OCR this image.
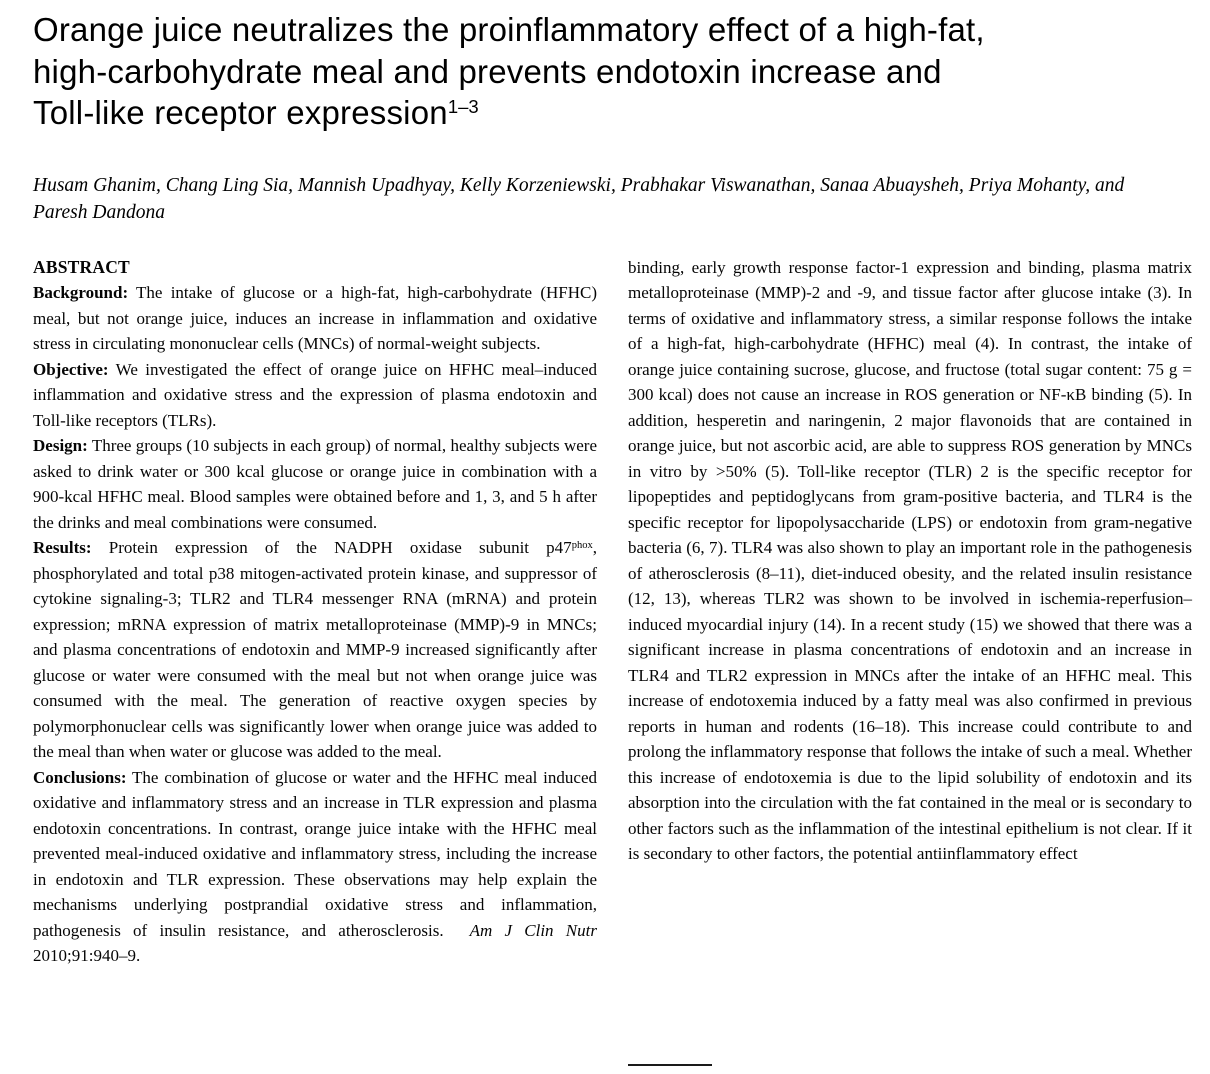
Orange juice neutralizes the proinflammatory effect of a high-fat,
high-carbohydrate meal and prevents endotoxin increase and
Toll-like receptor expression$^{1-3}$

Husam Ghanim, Chang Ling Sia, Mannish Upadhyay, Kelly Korzeniewski, Prabhakar Viswanathan, Sanaa Abuaysheh, Priya Mohanty, and Paresh Dandona

ABSTRACT

Background: The intake of glucose or a high-fat, high-carbohydrate (HFHC) meal, but not orange juice, induces an increase in inflammation and oxidative stress in circulating mononuclear cells (MNCs) of normal-weight subjects.

Objective: We investigated the effect of orange juice on HFHC meal–induced inflammation and oxidative stress and the expression of plasma endotoxin and Toll-like receptors (TLRs).

Design: Three groups (10 subjects in each group) of normal, healthy subjects were asked to drink water or 300 kcal glucose or orange juice in combination with a 900-kcal HFHC meal. Blood samples were obtained before and 1, 3, and 5 h after the drinks and meal combinations were consumed.

Results: Protein expression of the NADPH oxidase subunit $p47^{phox}$, phosphorylated and total p38 mitogen-activated protein kinase, and suppressor of cytokine signaling-3; TLR2 and TLR4 messenger RNA (mRNA) and protein expression; mRNA expression of matrix metalloproteinase (MMP)-9 in MNCs; and plasma concentrations of endotoxin and MMP-9 increased significantly after glucose or water were consumed with the meal but not when orange juice was consumed with the meal. The generation of reactive oxygen species by polymorphonuclear cells was significantly lower when orange juice was added to the meal than when water or glucose was added to the meal.

Conclusions: The combination of glucose or water and the HFHC meal induced oxidative and inflammatory stress and an increase in TLR expression and plasma endotoxin concentrations. In contrast, orange juice intake with the HFHC meal prevented meal-induced oxidative and inflammatory stress, including the increase in endotoxin and TLR expression. These observations may help explain the mechanisms underlying postprandial oxidative stress and inflammation, pathogenesis of insulin resistance, and atherosclerosis. Am J Clin Nutr 2010;91:940–9.

binding, early growth response factor-1 expression and binding, plasma matrix metalloproteinase (MMP)-2 and -9, and tissue factor after glucose intake (3). In terms of oxidative and inflammatory stress, a similar response follows the intake of a high-fat, high-carbohydrate (HFHC) meal (4). In contrast, the intake of orange juice containing sucrose, glucose, and fructose (total sugar content: 75 g = 300 kcal) does not cause an increase in ROS generation or NF-κB binding (5). In addition, hesperetin and naringenin, 2 major flavonoids that are contained in orange juice, but not ascorbic acid, are able to suppress ROS generation by MNCs in vitro by >50% (5). Toll-like receptor (TLR) 2 is the specific receptor for lipopeptides and peptidoglycans from gram-positive bacteria, and TLR4 is the specific receptor for lipopolysaccharide (LPS) or endotoxin from gram-negative bacteria (6, 7). TLR4 was also shown to play an important role in the pathogenesis of atherosclerosis (8–11), diet-induced obesity, and the related insulin resistance (12, 13), whereas TLR2 was shown to be involved in ischemia-reperfusion–induced myocardial injury (14). In a recent study (15) we showed that there was a significant increase in plasma concentrations of endotoxin and an increase in TLR4 and TLR2 expression in MNCs after the intake of an HFHC meal. This increase of endotoxemia induced by a fatty meal was also confirmed in previous reports in human and rodents (16–18). This increase could contribute to and prolong the inflammatory response that follows the intake of such a meal. Whether this increase of endotoxemia is due to the lipid solubility of endotoxin and its absorption into the circulation with the fat contained in the meal or is secondary to other factors such as the inflammation of the intestinal epithelium is not clear. If it is secondary to other factors, the potential antiinflammatory effect
